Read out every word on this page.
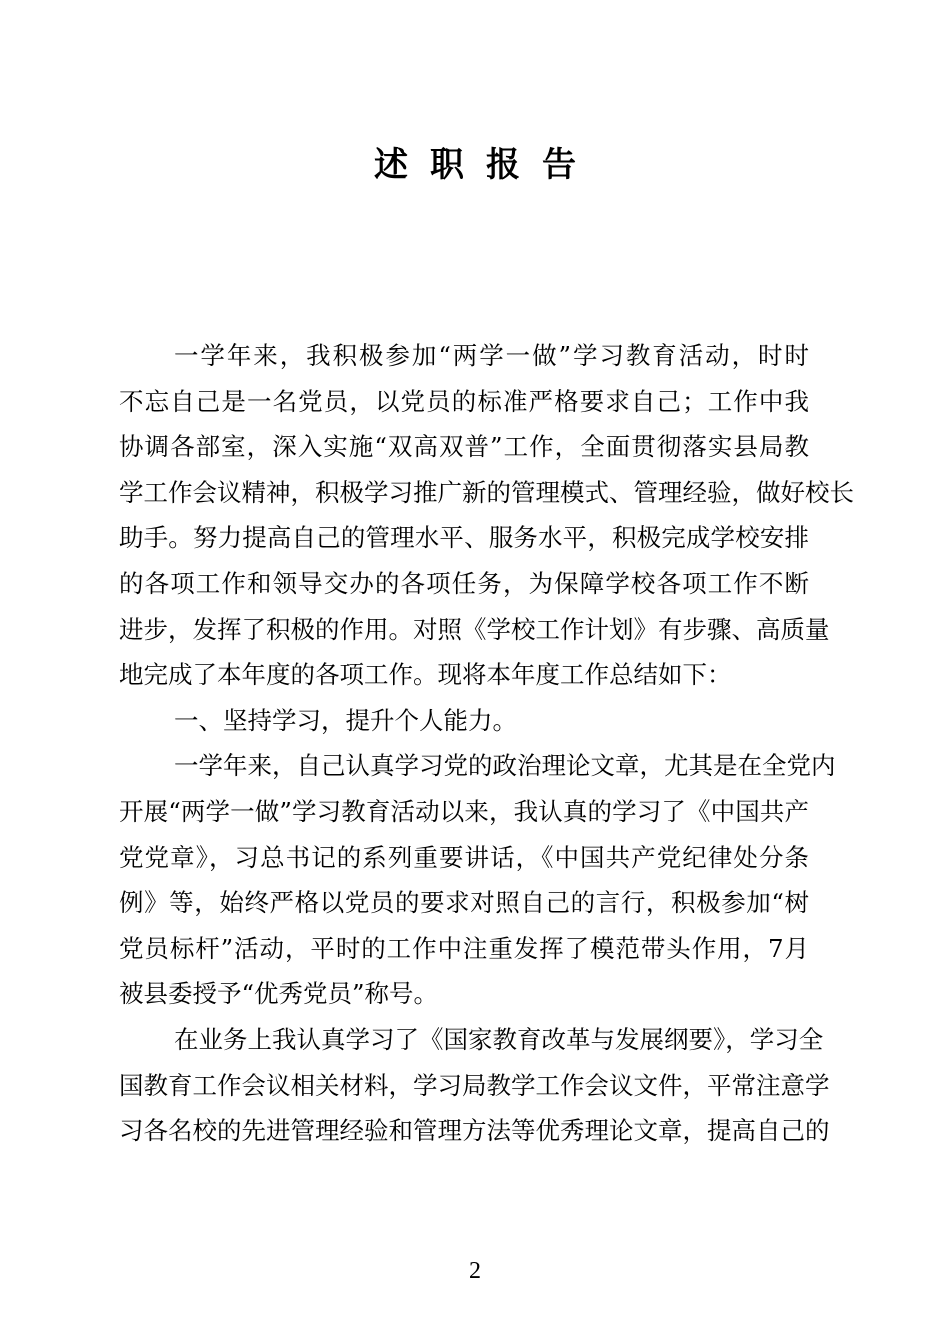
述职报告
一学年来，我积极参加“两学一做”学习教育活动，时时
不忘自己是一名党员，以党员的标准严格要求自己；工作中我
协调各部室，深入实施“双高双普”工作，全面贯彻落实县局教
学工作会议精神，积极学习推广新的管理模式、管理经验，做好校长
助手。努力提高自己的管理水平、服务水平，积极完成学校安排
的各项工作和领导交办的各项任务，为保障学校各项工作不断
进步，发挥了积极的作用。对照《学校工作计划》有步骤、高质量
地完成了本年度的各项工作。现将本年度工作总结如下：
一、坚持学习，提升个人能力。
一学年来，自己认真学习党的政治理论文章，尤其是在全党内
开展“两学一做”学习教育活动以来，我认真的学习了《中国共产
党党章》，习总书记的系列重要讲话，《中国共产党纪律处分条
例》等，始终严格以党员的要求对照自己的言行，积极参加“树
党员标杆”活动，平时的工作中注重发挥了模范带头作用，7月
被县委授予“优秀党员”称号。
在业务上我认真学习了《国家教育改革与发展纲要》，学习全
国教育工作会议相关材料，学习局教学工作会议文件，平常注意学
习各名校的先进管理经验和管理方法等优秀理论文章，提高自己的
2
